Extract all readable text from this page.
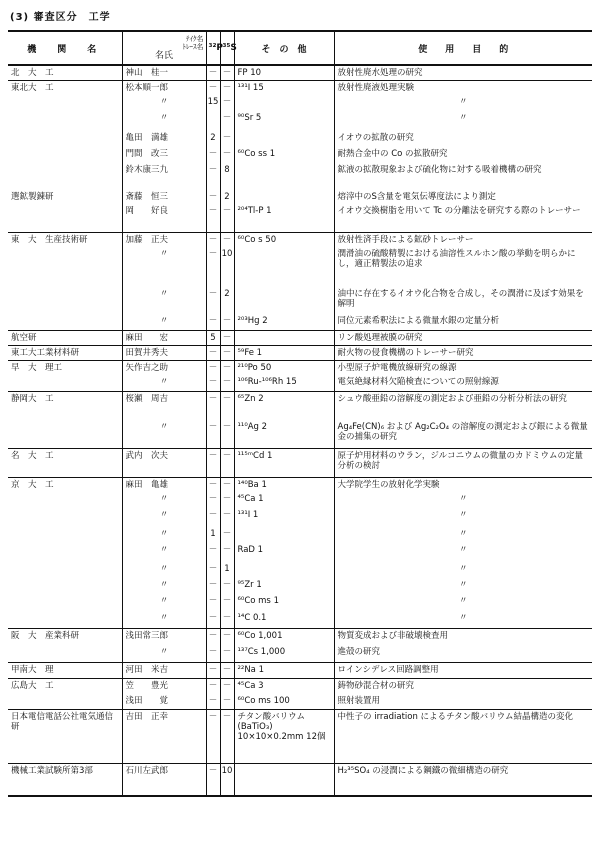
(3) 審査区分　工学
機　関　名	ﾃｲｸ名
ﾄﾚｰｽ名
名氏	³²P	³⁵S	そ　の　他	使　　用　　目　　的
北　大　工	神山　桂一	－	－	FP 10	放射性廃水処理の研究
東北大　工	松本順一郎	－	－	¹³¹I 15	放射性廃液処理実験
	〃	15	－		〃
	〃		－	⁹⁰Sr 5	〃
	亀田　満雄	2	－		イオウの拡散の研究
	門間　改三	－	－	⁶⁰Co ss 1	耐熱合金中の Co の拡散研究
	鈴木康三九	－	8		鉱液の拡散現象および硫化物に対する吸着機構の研究
選鉱製錬研	斎藤　恒三	－	2		熔滓中のS含量を電気伝導度法により測定
	岡　　好良	－	－	²⁰⁴Tl-P 1	イオウ交換樹脂を用いて Tc の分離法を研究する際のトレーサー
東　大　生産技術研	加藤　正夫	－	－	⁶⁰Co s 50	放射性済手段による鉱砂トレーサー
	〃	－	10		潤滑油の硫酸精製における油溶性スルホン酸の挙動を明らかにし，適正精製法の追求
	〃	－	2		油中に存在するイオウ化合物を合成し，その潤滑に及ぼす効果を解明
	〃	－	－	²⁰³Hg 2	同位元素希釈法による微量水銀の定量分析
航空研	麻田　　宏	5	－		リン酸処理被膜の研究
東工大工業材料研	田賀井秀夫	－	－	⁵⁹Fe 1	耐火物の侵食機構のトレーサー研究
早　大　理工	矢作吉之助	－	－	²¹⁰Po 50	小型原子炉電機放線研究の線源
	〃	－	－	¹⁰⁶Ru-¹⁰⁶Rh 15	電気絶縁材料欠陥検査についての照射線源
静岡大　工	桜瀬　周吉	－	－	⁶⁵Zn 2	シュウ酸亜鉛の溶解度の測定および亜鉛の分析分析法の研究
	〃	－	－	¹¹⁰Ag 2	Ag₄Fe(CN)₆ および Ag₂C₂O₄ の溶解度の測定および銀による微量金の捕集の研究
名　大　工	武内　次夫	－	－	¹¹⁵ᵐCd 1	原子炉用材料のウラン，ジルコニウムの微量のカドミウムの定量分析の検討
京　大　工	麻田　亀雄	－	－	¹⁴⁰Ba 1	大学院学生の放射化学実験
	〃	－	－	⁴⁵Ca 1	〃
	〃	－	－	¹³¹I 1	〃
	〃	1	－		〃
	〃	－	－	RaD 1	〃
	〃	－	1		〃
	〃	－	－	⁹⁵Zr 1	〃
	〃	－	－	⁶⁰Co ms 1	〃
	〃	－	－	¹⁴C 0.1	〃
阪　大　産業科研	浅田常三郎	－	－	⁶⁰Co 1,001	物質変成および非破壊検査用
	〃	－	－	¹³⁷Cs 1,000	進殻の研究
甲南大　理	河田　米吉	－	－	²²Na 1	ロインシデレス回路調整用
広島大　工	笠　　豊光	－	－	⁴⁵Ca 3	鋳物砂混合材の研究
	浅田　　覚	－	－	⁶⁰Co ms 100	照射装置用
日本電信電話公社電気通信研	吉田　正幸	－	－	チタン酸バリウム (BaTiO₃) 10×10×0.2mm 12個	中性子の irradiation によるチタン酸バリウム結晶構造の変化
機械工業試験所第3部	石川左武郎	－	10		H₂³⁵SO₄ の浸潤による鋼鐵の微細構造の研究
